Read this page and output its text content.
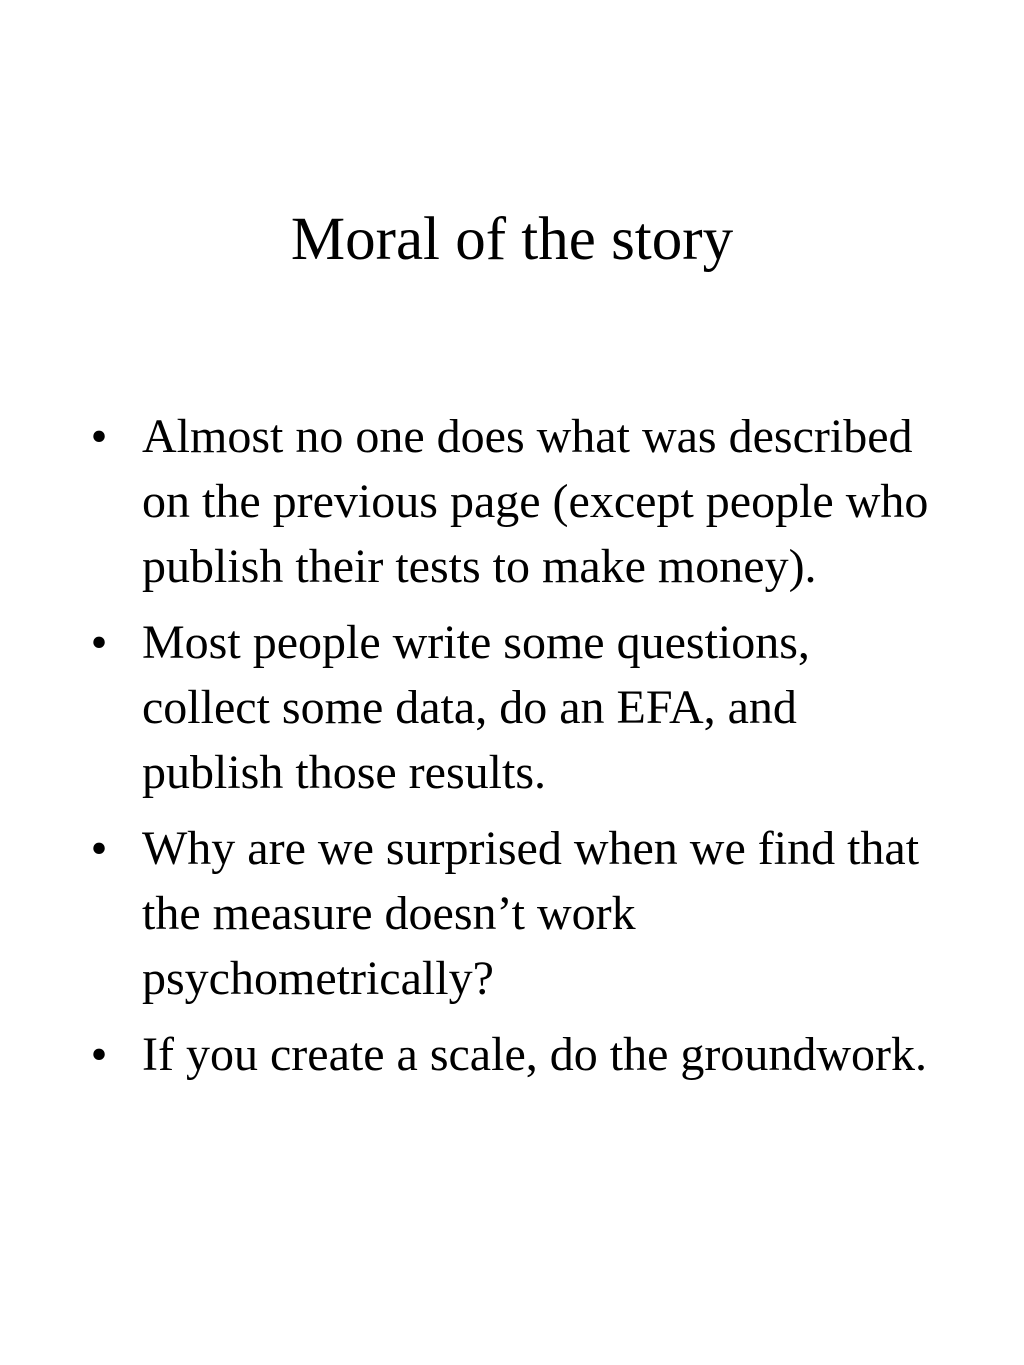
Moral of the story
• Almost no one does what was described on the previous page (except people who publish their tests to make money).
• Most people write some questions, collect some data, do an EFA, and publish those results.
• Why are we surprised when we find that the measure doesn’t work psychometrically?
• If you create a scale, do the groundwork.
